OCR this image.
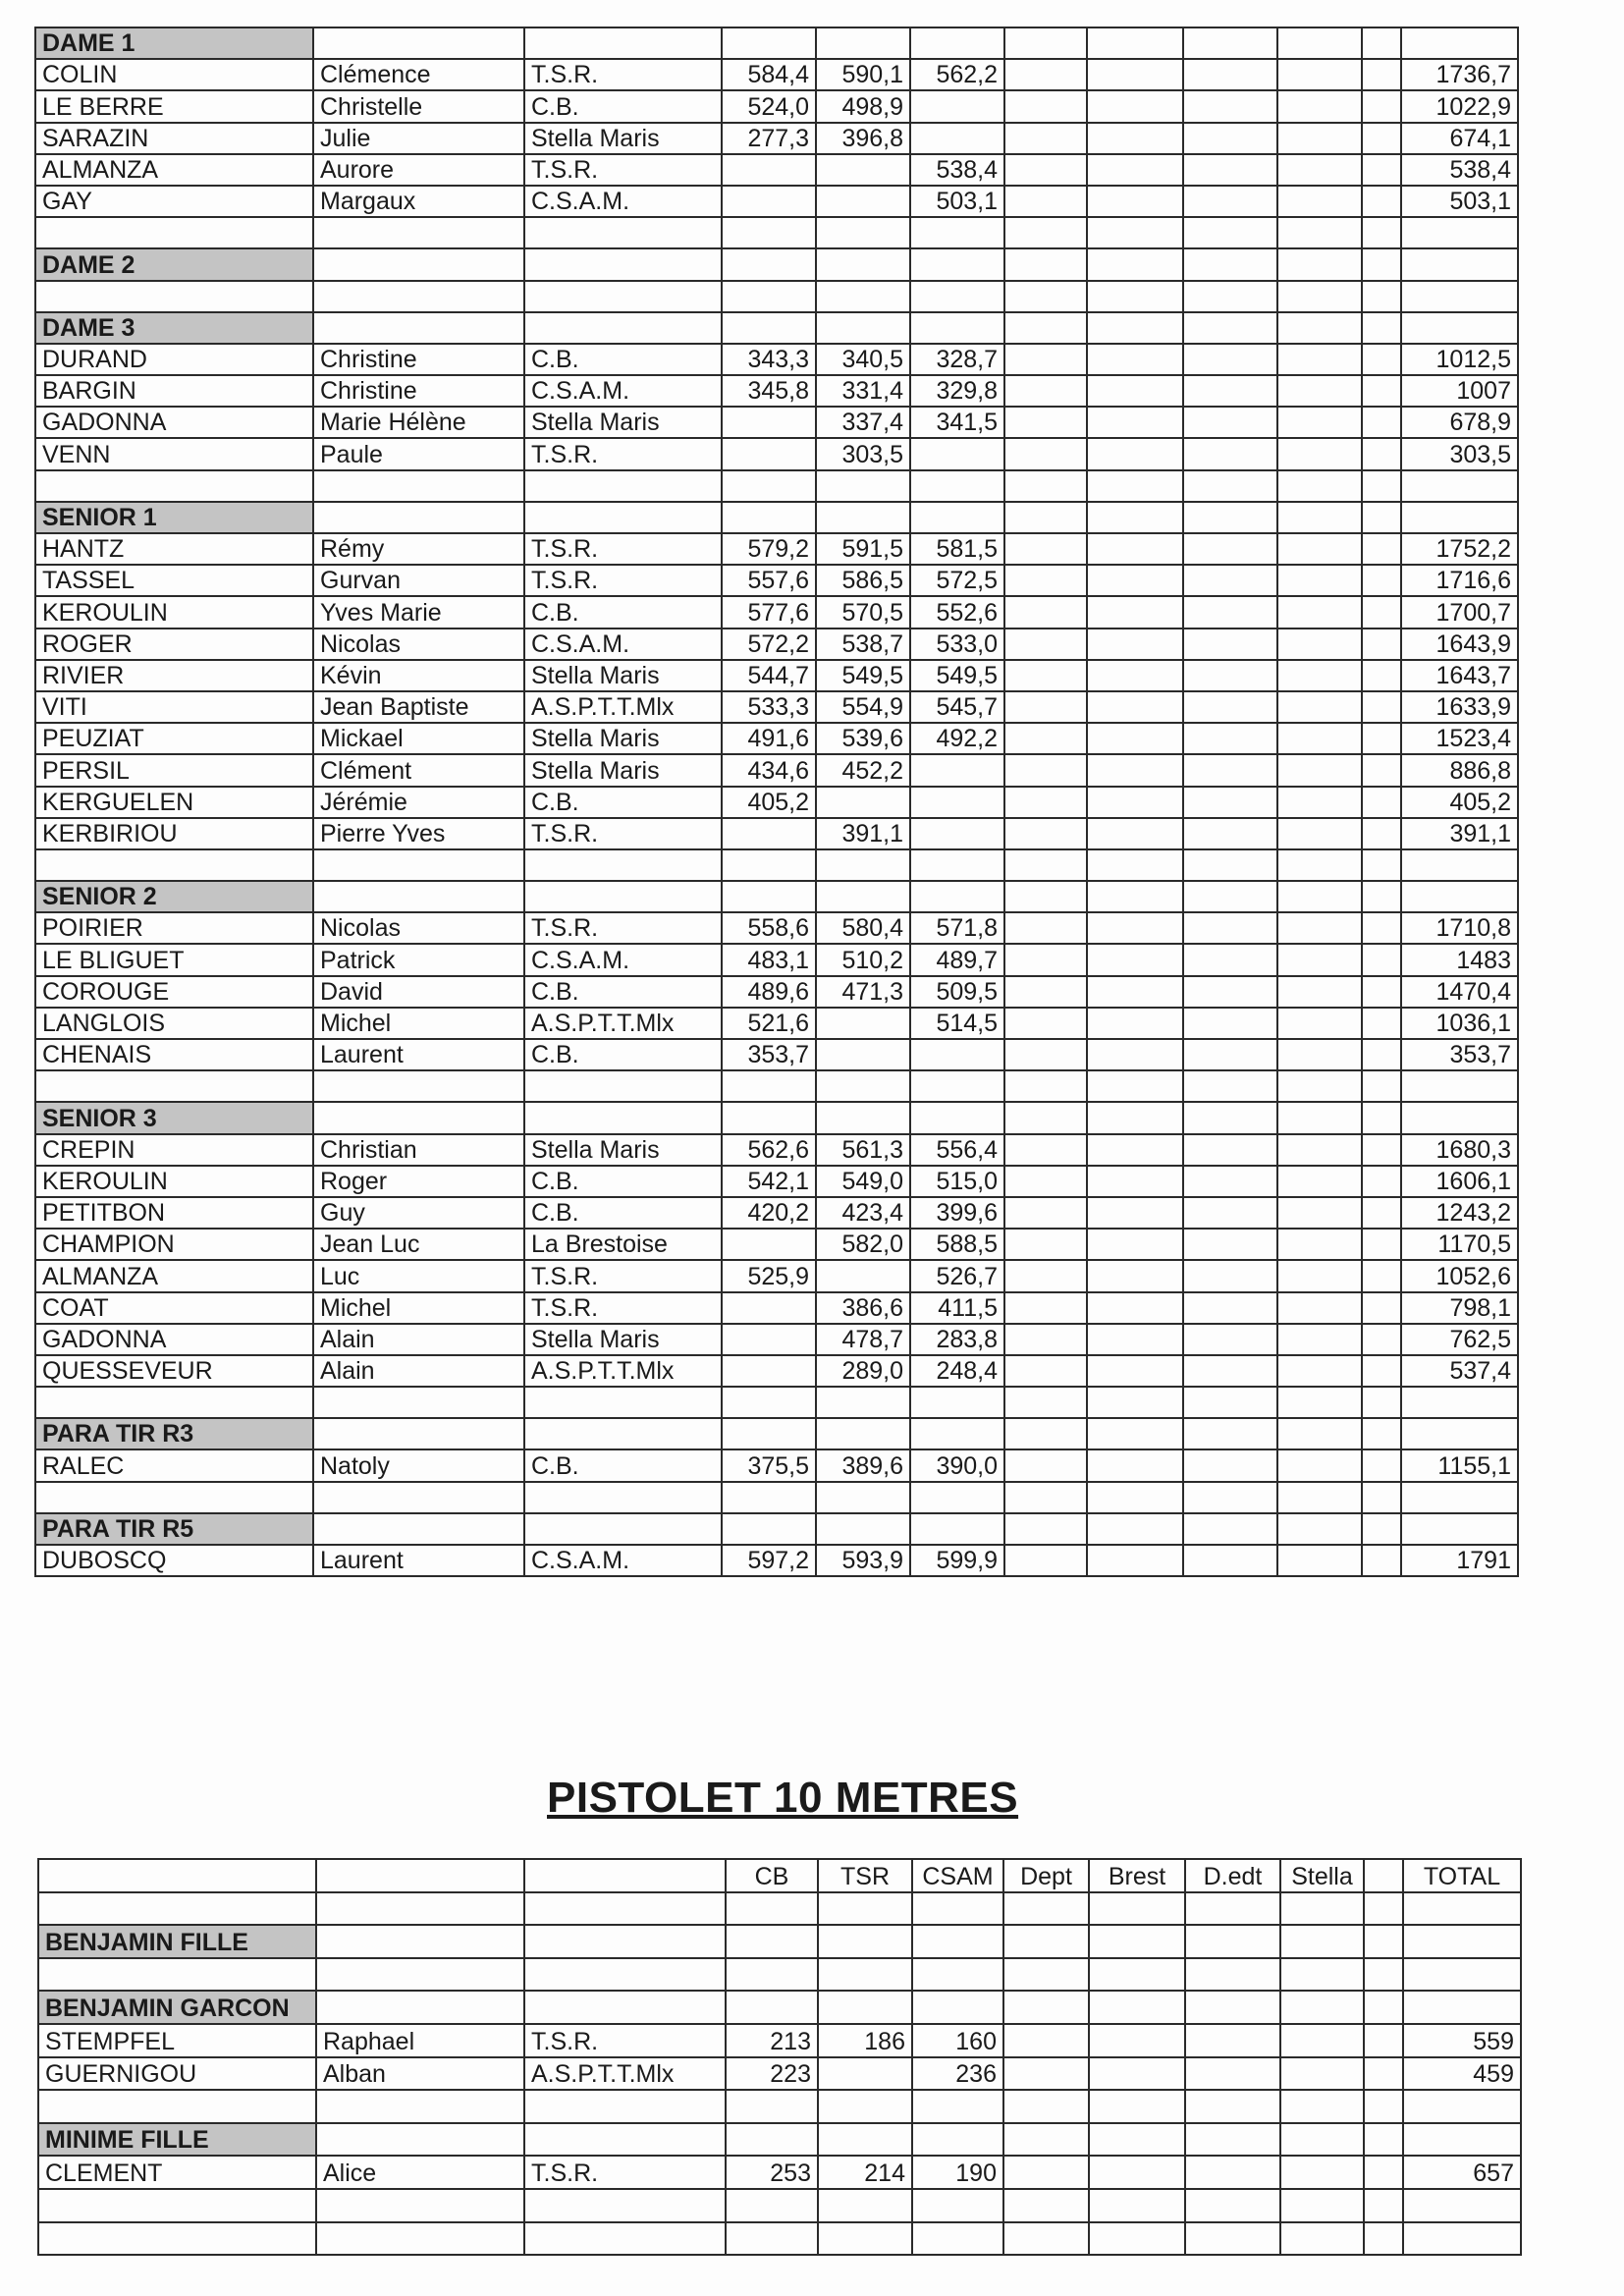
DAME 1											
COLIN	Clémence	T.S.R.	584,4	590,1	562,2						1736,7
LE BERRE	Christelle	C.B.	524,0	498,9							1022,9
SARAZIN	Julie	Stella Maris	277,3	396,8							674,1
ALMANZA	Aurore	T.S.R.			538,4						538,4
GAY	Margaux	C.S.A.M.			503,1						503,1

DAME 2											

DAME 3											
DURAND	Christine	C.B.	343,3	340,5	328,7						1012,5
BARGIN	Christine	C.S.A.M.	345,8	331,4	329,8						1007
GADONNA	Marie Hélène	Stella Maris		337,4	341,5						678,9
VENN	Paule	T.S.R.		303,5							303,5

SENIOR 1											
HANTZ	Rémy	T.S.R.	579,2	591,5	581,5						1752,2
TASSEL	Gurvan	T.S.R.	557,6	586,5	572,5						1716,6
KEROULIN	Yves Marie	C.B.	577,6	570,5	552,6						1700,7
ROGER	Nicolas	C.S.A.M.	572,2	538,7	533,0						1643,9
RIVIER	Kévin	Stella Maris	544,7	549,5	549,5						1643,7
VITI	Jean Baptiste	A.S.P.T.T.Mlx	533,3	554,9	545,7						1633,9
PEUZIAT	Mickael	Stella Maris	491,6	539,6	492,2						1523,4
PERSIL	Clément	Stella Maris	434,6	452,2							886,8
KERGUELEN	Jérémie	C.B.	405,2								405,2
KERBIRIOU	Pierre Yves	T.S.R.		391,1							391,1

SENIOR 2											
POIRIER	Nicolas	T.S.R.	558,6	580,4	571,8						1710,8
LE BLIGUET	Patrick	C.S.A.M.	483,1	510,2	489,7						1483
COROUGE	David	C.B.	489,6	471,3	509,5						1470,4
LANGLOIS	Michel	A.S.P.T.T.Mlx	521,6		514,5						1036,1
CHENAIS	Laurent	C.B.	353,7								353,7

SENIOR 3											
CREPIN	Christian	Stella Maris	562,6	561,3	556,4						1680,3
KEROULIN	Roger	C.B.	542,1	549,0	515,0						1606,1
PETITBON	Guy	C.B.	420,2	423,4	399,6						1243,2
CHAMPION	Jean Luc	La Brestoise		582,0	588,5						1170,5
ALMANZA	Luc	T.S.R.	525,9		526,7						1052,6
COAT	Michel	T.S.R.		386,6	411,5						798,1
GADONNA	Alain	Stella Maris		478,7	283,8						762,5
QUESSEVEUR	Alain	A.S.P.T.T.Mlx		289,0	248,4						537,4

PARA TIR R3											
RALEC	Natoly	C.B.	375,5	389,6	390,0						1155,1

PARA TIR R5											
DUBOSCQ	Laurent	C.S.A.M.	597,2	593,9	599,9						1791
PISTOLET 10 METRES
			CB	TSR	CSAM	Dept	Brest	D.edt	Stella		TOTAL

BENJAMIN FILLE											

BENJAMIN GARCON											
STEMPFEL	Raphael	T.S.R.	213	186	160						559
GUERNIGOU	Alban	A.S.P.T.T.Mlx	223		236						459

MINIME FILLE											
CLEMENT	Alice	T.S.R.	253	214	190						657
